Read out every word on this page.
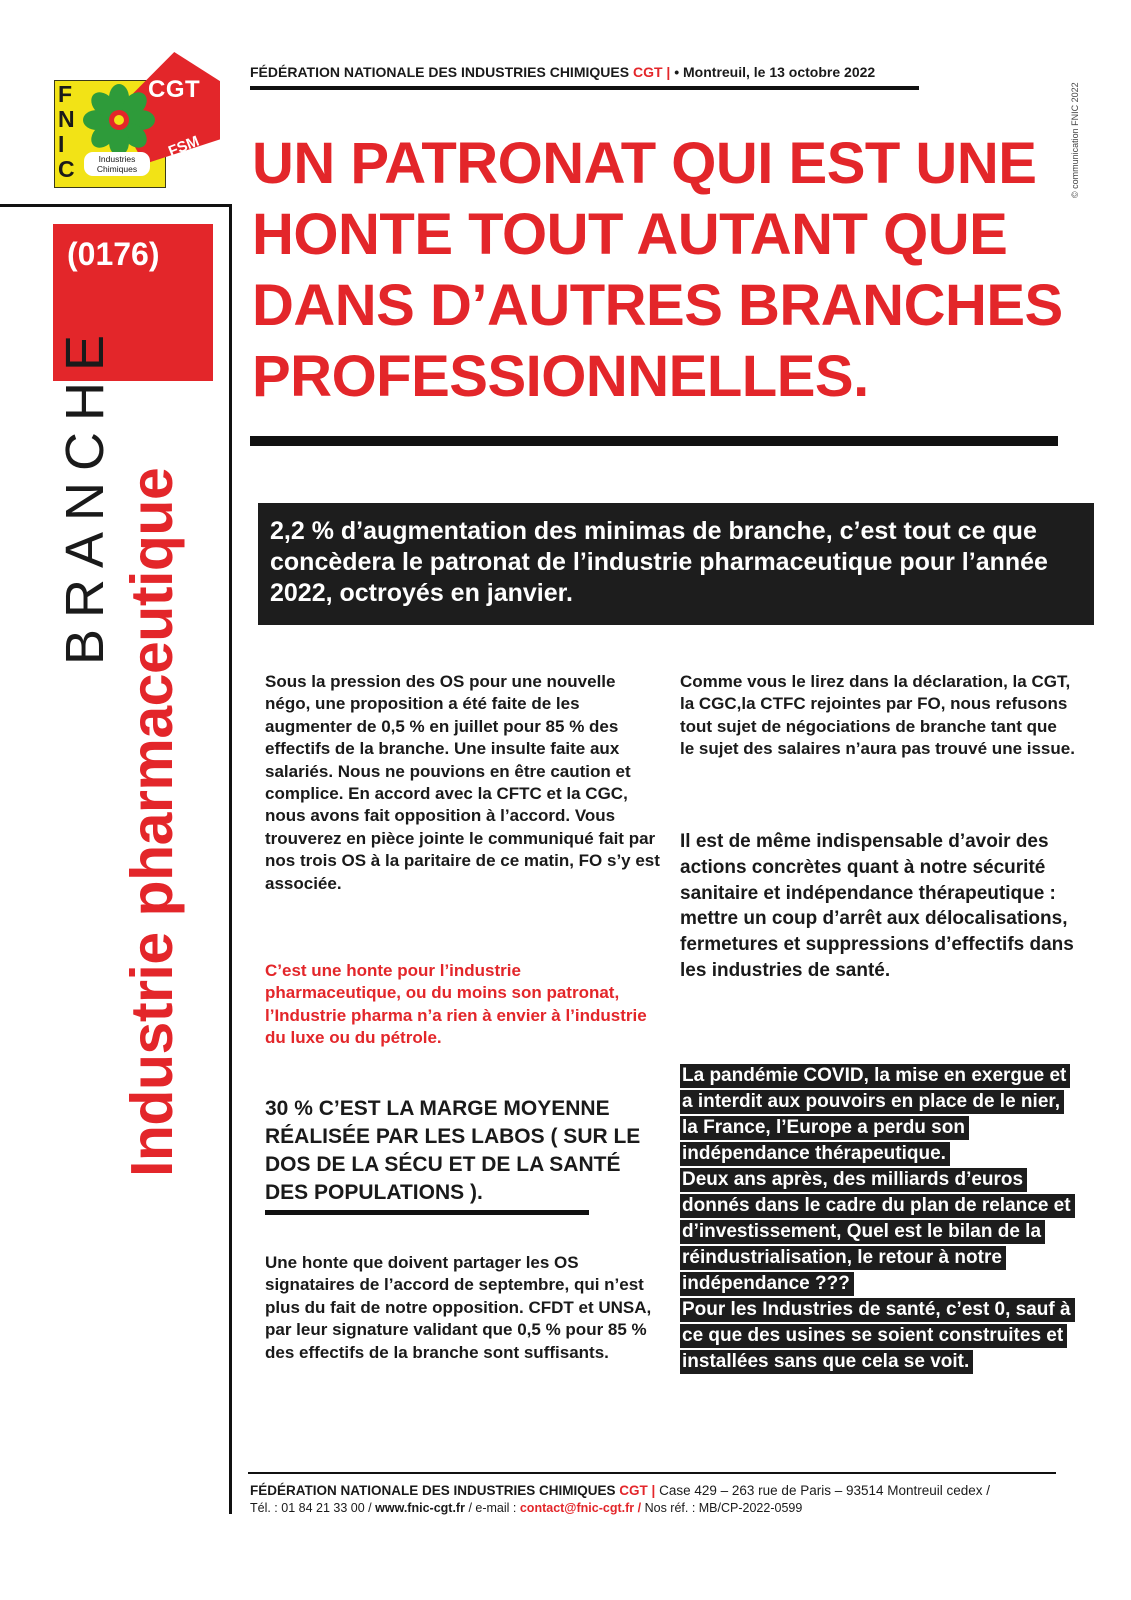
F
N
I
C
CGT
FSM
Industries Chimiques
(0176)
BRANCHE Industrie pharmaceutique
FÉDÉRATION NATIONALE DES INDUSTRIES CHIMIQUES CGT | • Montreuil, le 13 octobre 2022
© communication FNIC 2022
UN PATRONAT QUI EST UNE HONTE TOUT AUTANT QUE DANS D’AUTRES BRANCHES PROFESSIONNELLES.
2,2 % d’augmentation des minimas de branche, c’est tout ce que concèdera le patronat de l’industrie pharmaceutique pour l’année 2022, octroyés en janvier.
Sous la pression des OS pour une nouvelle négo, une proposition a été faite de les augmenter de 0,5 % en juillet pour 85 % des effectifs de la branche. Une insulte faite aux salariés. Nous ne pouvions en être caution et complice. En accord avec la CFTC et la CGC, nous avons fait opposition à l’accord. Vous trouverez en pièce jointe le communiqué fait par nos trois OS à la paritaire de ce matin, FO s’y est associée.
C’est une honte pour l’industrie pharmaceutique, ou du moins son patronat, l’Industrie pharma n’a rien à envier à l’industrie du luxe ou du pétrole.
30 % C’EST LA MARGE MOYENNE RÉALISÉE PAR LES LABOS ( SUR LE DOS DE LA SÉCU ET DE LA SANTÉ DES POPULATIONS ).
Une honte que doivent partager les OS signataires de l’accord de septembre, qui n’est plus du fait de notre opposition. CFDT et UNSA, par leur signature validant que 0,5 % pour 85 % des effectifs de la branche sont suffisants.
Comme vous le lirez dans la déclaration, la CGT, la CGC,la CTFC rejointes par FO, nous refusons tout sujet de négociations de branche tant que le sujet des salaires n’aura pas trouvé une issue.
Il est de même indispensable d’avoir des actions concrètes quant à notre sécurité sanitaire et indépendance thérapeutique : mettre un coup d’arrêt aux délocalisations, fermetures et suppressions d’effectifs dans les industries de santé.
La pandémie COVID, la mise en exergue et a interdit aux pouvoirs en place de le nier, la France, l’Europe a perdu son indépendance thérapeutique.
Deux ans après, des milliards d’euros donnés dans le cadre du plan de relance et d’investissement, Quel est le bilan de la réindustrialisation, le retour à notre indépendance ???
Pour les Industries de santé, c’est 0, sauf à ce que des usines se soient construites et installées sans que cela se voit.
FÉDÉRATION NATIONALE DES INDUSTRIES CHIMIQUES CGT | Case 429 – 263 rue de Paris – 93514 Montreuil cedex /
Tél. : 01 84 21 33 00 / www.fnic-cgt.fr / e-mail : contact@fnic-cgt.fr / Nos réf. : MB/CP-2022-0599
